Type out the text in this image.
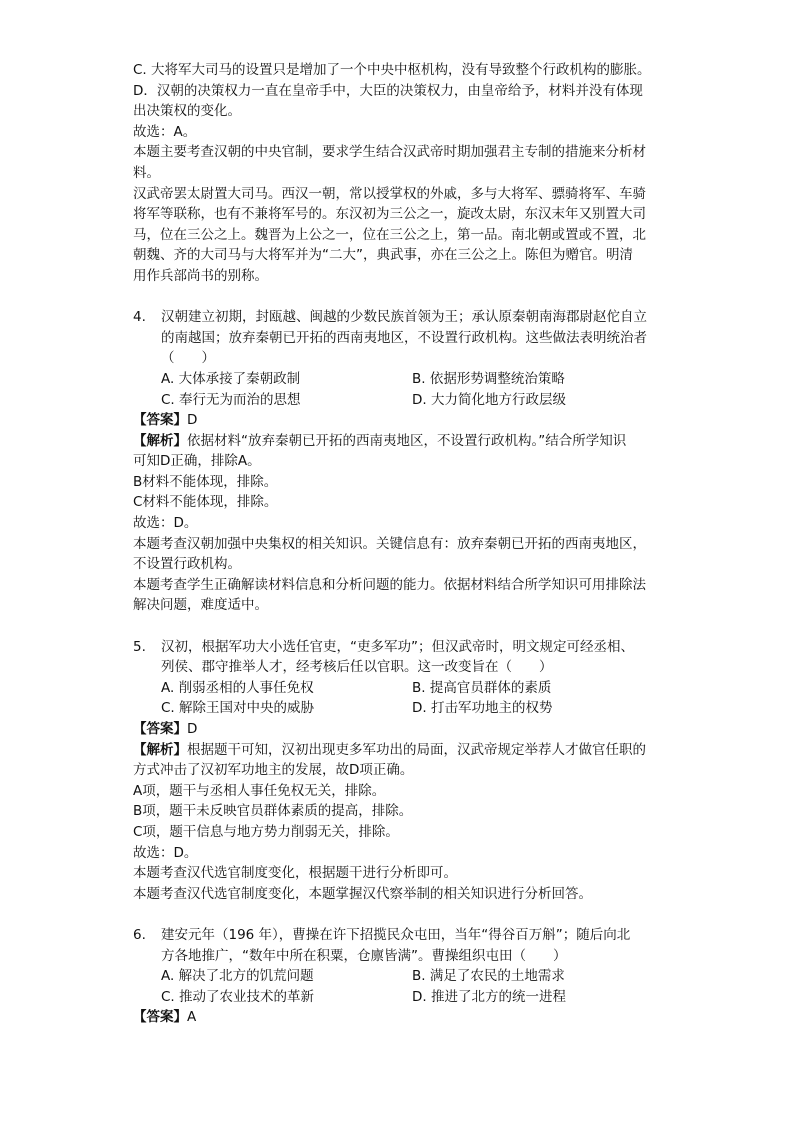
C. 大将军大司马的设置只是增加了一个中央中枢机构，没有导致整个行政机构的膨胀。
D．汉朝的决策权力一直在皇帝手中，大臣的决策权力，由皇帝给予，材料并没有体现
出决策权的变化。
故选：A。
本题主要考查汉朝的中央官制，要求学生结合汉武帝时期加强君主专制的措施来分析材
料。
汉武帝罢太尉置大司马。西汉一朝，常以授掌权的外戚，多与大将军、骠骑将军、车骑
将军等联称，也有不兼将军号的。东汉初为三公之一，旋改太尉，东汉末年又别置大司
马，位在三公之上。魏晋为上公之一，位在三公之上，第一品。南北朝或置或不置，北
朝魏、齐的大司马与大将军并为“二大”，典武事，亦在三公之上。陈但为赠官。明清
用作兵部尚书的别称。
4. 汉朝建立初期，封瓯越、闽越的少数民族首领为王；承认原秦朝南海郡尉赵佗自立
的南越国；放弃秦朝已开拓的西南夷地区，不设置行政机构。这些做法表明统治者
（　　）
A. 大体承接了秦朝政制	B. 依据形势调整统治策略
C. 奉行无为而治的思想	D. 大力简化地方行政层级
【答案】D
【解析】依据材料“放弃秦朝已开拓的西南夷地区，不设置行政机构。”结合所学知识
可知D正确，排除A。
B材料不能体现，排除。
C材料不能体现，排除。
故选：D。
本题考查汉朝加强中央集权的相关知识。关键信息有：放弃秦朝已开拓的西南夷地区，
不设置行政机构。
本题考查学生正确解读材料信息和分析问题的能力。依据材料结合所学知识可用排除法
解决问题，难度适中。
5. 汉初，根据军功大小选任官吏，“吏多军功”；但汉武帝时，明文规定可经丞相、
列侯、郡守推举人才，经考核后任以官职。这一改变旨在（　　）
A. 削弱丞相的人事任免权	B. 提高官员群体的素质
C. 解除王国对中央的威胁	D. 打击军功地主的权势
【答案】D
【解析】根据题干可知，汉初出现吏多军功出的局面，汉武帝规定举荐人才做官任职的
方式冲击了汉初军功地主的发展，故D项正确。
A项，题干与丞相人事任免权无关，排除。
B项，题干未反映官员群体素质的提高，排除。
C项，题干信息与地方势力削弱无关，排除。
故选：D。
本题考查汉代选官制度变化，根据题干进行分析即可。
本题考查汉代选官制度变化，本题掌握汉代察举制的相关知识进行分析回答。
6. 建安元年（196 年），曹操在许下招揽民众屯田，当年“得谷百万斛”；随后向北
方各地推广，“数年中所在积粟，仓廪皆满”。曹操组织屯田（　　）
A. 解决了北方的饥荒问题	B. 满足了农民的土地需求
C. 推动了农业技术的革新	D. 推进了北方的统一进程
【答案】A
